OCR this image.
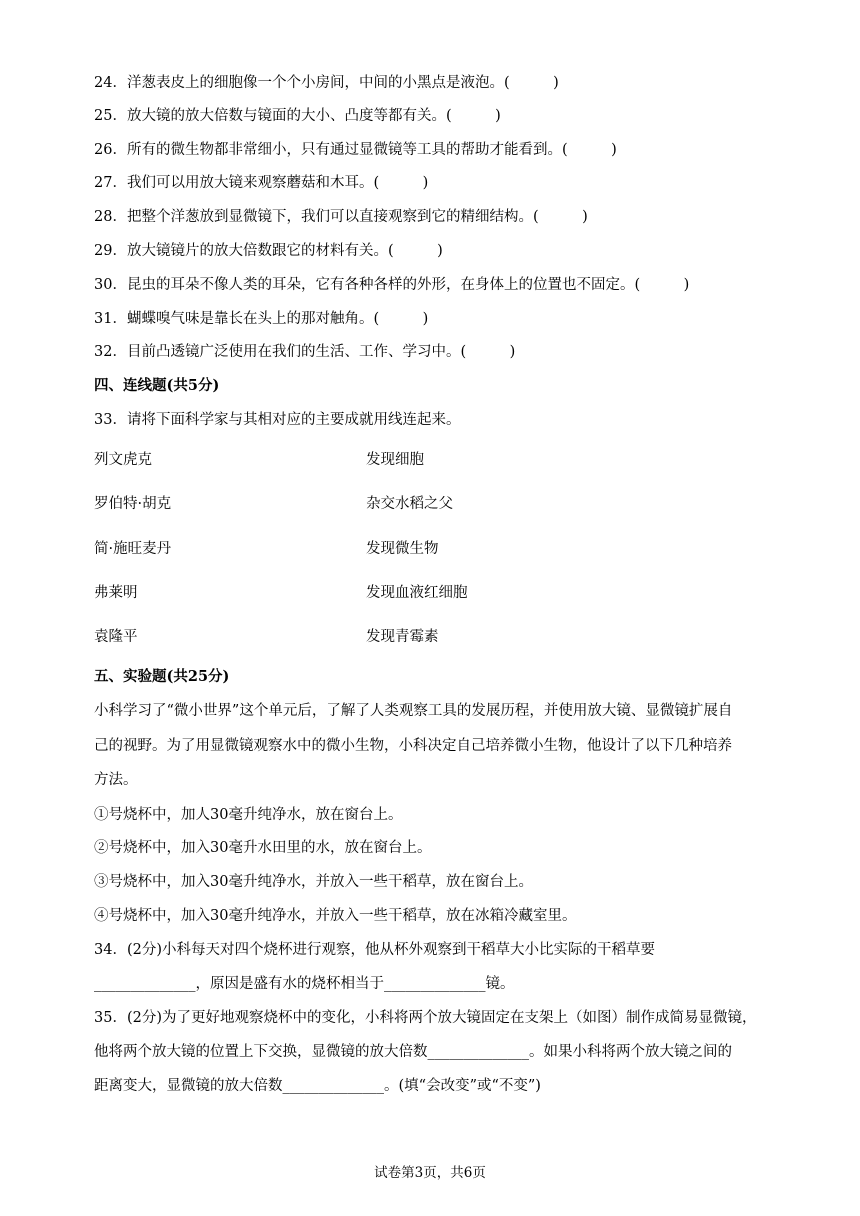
24．洋葱表皮上的细胞像一个个小房间，中间的小黑点是液泡。(　　　)
25．放大镜的放大倍数与镜面的大小、凸度等都有关。(　　　)
26．所有的微生物都非常细小，只有通过显微镜等工具的帮助才能看到。(　　　)
27．我们可以用放大镜来观察蘑菇和木耳。(　　　)
28．把整个洋葱放到显微镜下，我们可以直接观察到它的精细结构。(　　　)
29．放大镜镜片的放大倍数跟它的材料有关。(　　　)
30．昆虫的耳朵不像人类的耳朵，它有各种各样的外形，在身体上的位置也不固定。(　　　)
31．蝴蝶嗅气味是靠长在头上的那对触角。(　　　)
32．目前凸透镜广泛使用在我们的生活、工作、学习中。(　　　)
四、连线题(共5分)
33．请将下面科学家与其相对应的主要成就用线连起来。
列文虎克	发现细胞
罗伯特·胡克	杂交水稻之父
简·施旺麦丹	发现微生物
弗莱明	发现血液红细胞
袁隆平	发现青霉素
五、实验题(共25分)
小科学习了“微小世界”这个单元后，了解了人类观察工具的发展历程，并使用放大镜、显微镜扩展自
己的视野。为了用显微镜观察水中的微小生物，小科决定自己培养微小生物，他设计了以下几种培养
方法。
①号烧杯中，加人30毫升纯净水，放在窗台上。
②号烧杯中，加入30毫升水田里的水，放在窗台上。
③号烧杯中，加入30毫升纯净水，并放入一些干稻草，放在窗台上。
④号烧杯中，加入30毫升纯净水，并放入一些干稻草，放在冰箱冷藏室里。
34．(2分)小科每天对四个烧杯进行观察，他从杯外观察到干稻草大小比实际的干稻草要
______________，原因是盛有水的烧杯相当于______________镜。
35．(2分)为了更好地观察烧杯中的变化，小科将两个放大镜固定在支架上（如图）制作成简易显微镜，
他将两个放大镜的位置上下交换，显微镜的放大倍数______________。如果小科将两个放大镜之间的
距离变大，显微镜的放大倍数______________。(填“会改变”或“不变”)
试卷第3页，共6页
